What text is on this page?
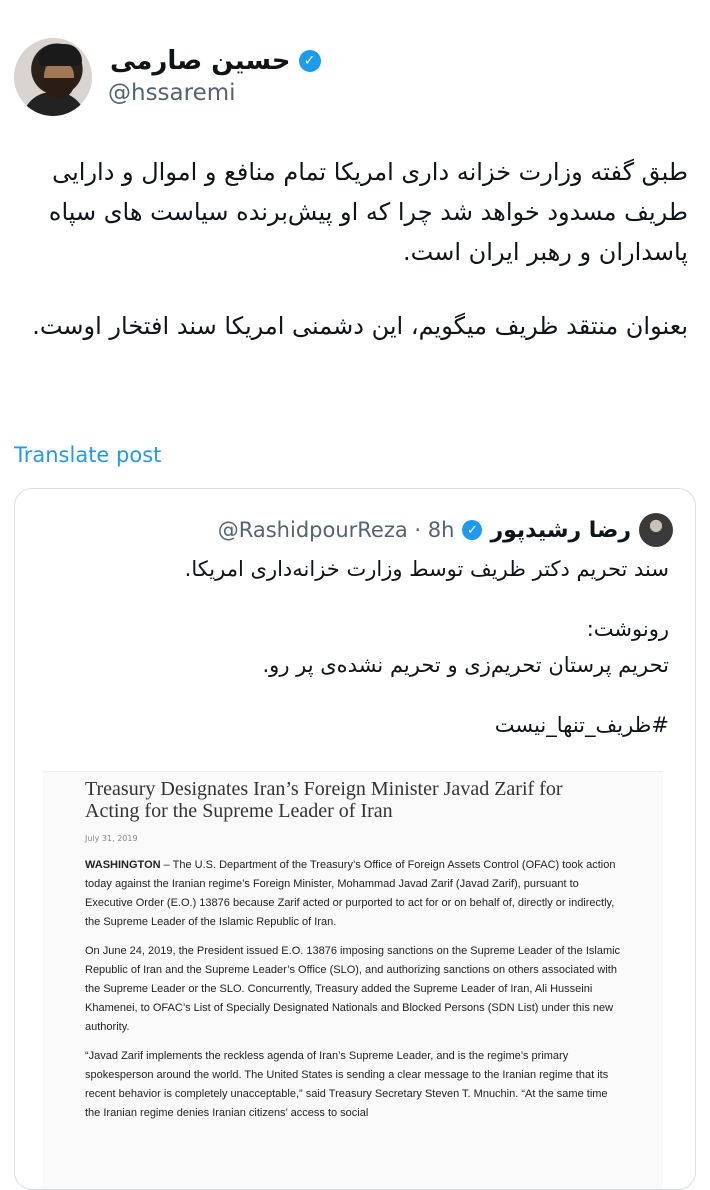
حسین صارمی ✓
@hssaremi

طبق گفته وزارت خزانه داری امریکا تمام منافع و اموال و دارایی طریف مسدود خواهد شد چرا که او پیش‌برنده سیاست های سپاه پاسداران و رهبر ایران است.

بعنوان منتقد ظریف میگویم، این دشمنی امریکا سند افتخار اوست.

Translate post
@RashidpourReza · 8h ✓ رضا رشیدپور

سند تحریم دکتر ظریف توسط وزارت خزانه‌داری امریکا.

رونوشت:

تحریم پرستان تحریم‌زی و تحریم نشده‌ی پر رو.

#ظریف_تنها_نیست

Treasury Designates Iran’s Foreign Minister Javad Zarif for Acting for the Supreme Leader of Iran
July 31, 2019

WASHINGTON – The U.S. Department of the Treasury’s Office of Foreign Assets Control (OFAC) took action today against the Iranian regime’s Foreign Minister, Mohammad Javad Zarif (Javad Zarif), pursuant to Executive Order (E.O.) 13876 because Zarif acted or purported to act for or on behalf of, directly or indirectly, the Supreme Leader of the Islamic Republic of Iran.

On June 24, 2019, the President issued E.O. 13876 imposing sanctions on the Supreme Leader of the Islamic Republic of Iran and the Supreme Leader’s Office (SLO), and authorizing sanctions on others associated with the Supreme Leader or the SLO. Concurrently, Treasury added the Supreme Leader of Iran, Ali Husseini Khamenei, to OFAC’s List of Specially Designated Nationals and Blocked Persons (SDN List) under this new authority.

“Javad Zarif implements the reckless agenda of Iran’s Supreme Leader, and is the regime’s primary spokesperson around the world. The United States is sending a clear message to the Iranian regime that its recent behavior is completely unacceptable,” said Treasury Secretary Steven T. Mnuchin. “At the same time the Iranian regime denies Iranian citizens’ access to social
